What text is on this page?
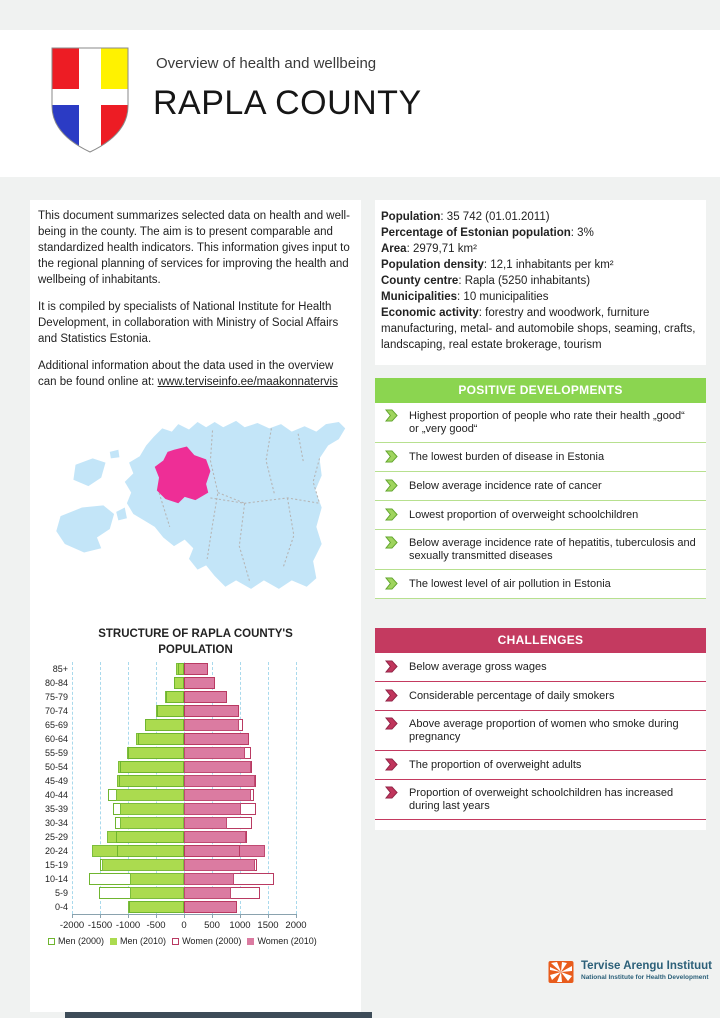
Overview of health and wellbeing
RAPLA COUNTY

This document summarizes selected data on health and well-being in the county. The aim is to present comparable and standardized health indicators. This information gives input to the regional planning of services for improving the health and wellbeing of inhabitants.

It is compiled by specialists of National Institute for Health Development, in collaboration with Ministry of Social Affairs and Statistics Estonia.

Additional information about the data used in the overview can be found online at: www.terviseinfo.ee/maakonnatervis

STRUCTURE OF RAPLA COUNTY'S POPULATION
85+
80-84
75-79
70-74
65-69
60-64
55-59
50-54
45-49
40-44
35-39
30-34
25-29
20-24
15-19
10-14
5-9
0-4
-2000 -1500 -1000 -500 0 500 1000 1500 2000
Men (2000) Men (2010) Women (2000) Women (2010)
Population: 35 742 (01.01.2011)
Percentage of Estonian population: 3%
Area: 2979,71 km²
Population density: 12,1 inhabitants per km²
County centre: Rapla (5250 inhabitants)
Municipalities: 10 municipalities
Economic activity: forestry and woodwork, furniture manufacturing, metal- and automobile shops, seaming, crafts, landscaping, real estate brokerage, tourism
POSITIVE DEVELOPMENTS
Highest proportion of people who rate their health „good“ or „very good“
The lowest burden of disease in Estonia
Below average incidence rate of cancer
Lowest proportion of overweight schoolchildren
Below average incidence rate of hepatitis, tuberculosis and sexually transmitted diseases
The lowest level of air pollution in Estonia
CHALLENGES
Below average gross wages
Considerable percentage of daily smokers
Above average proportion of women who smoke during pregnancy
The proportion of overweight adults
Proportion of overweight schoolchildren has increased during last years
Tervise Arengu Instituut
National Institute for Health Development
